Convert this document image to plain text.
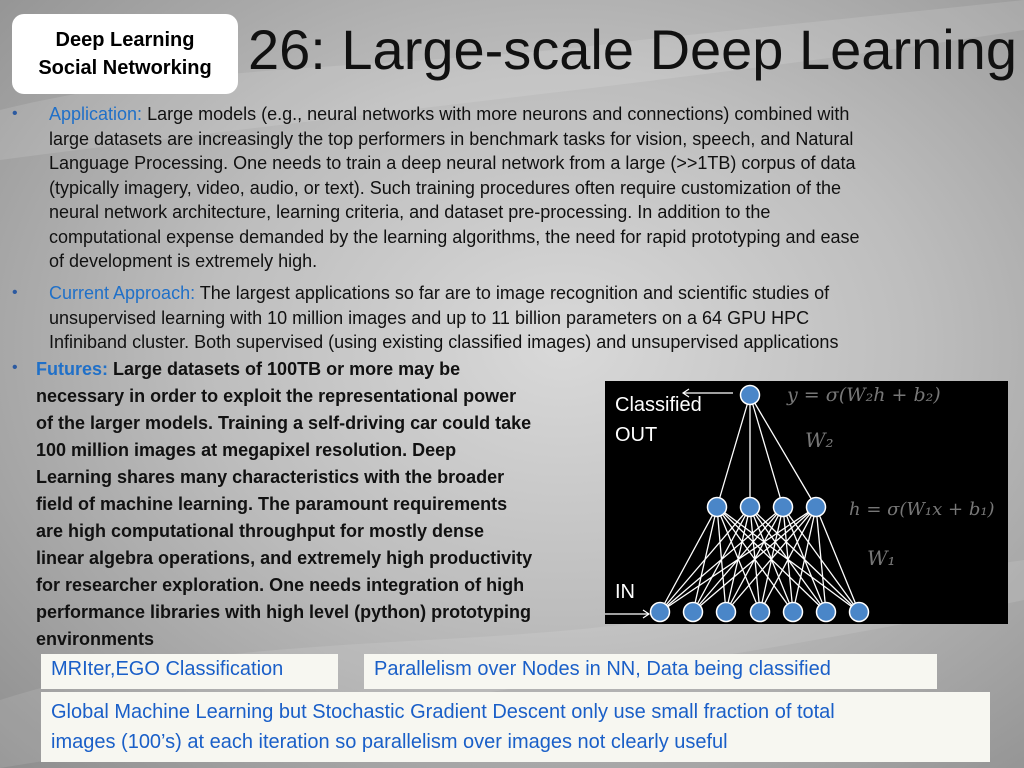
Deep Learning
Social Networking 26: Large-scale Deep Learning
• Application: Large models (e.g., neural networks with more neurons and connections) combined with
large datasets are increasingly the top performers in benchmark tasks for vision, speech, and Natural
Language Processing. One needs to train a deep neural network from a large (>>1TB) corpus of data
(typically imagery, video, audio, or text). Such training procedures often require customization of the
neural network architecture, learning criteria, and dataset pre-processing. In addition to the
computational expense demanded by the learning algorithms, the need for rapid prototyping and ease
of development is extremely high.
• Current Approach: The largest applications so far are to image recognition and scientific studies of
unsupervised learning with 10 million images and up to 11 billion parameters on a 64 GPU HPC
Infiniband cluster. Both supervised (using existing classified images) and unsupervised applications
• Futures: Large datasets of 100TB or more may be
necessary in order to exploit the representational power
of the larger models. Training a self-driving car could take
100 million images at megapixel resolution. Deep
Learning shares many characteristics with the broader
field of machine learning. The paramount requirements
are high computational throughput for mostly dense
linear algebra operations, and extremely high productivity
for researcher exploration. One needs integration of high
performance libraries with high level (python) prototyping
environments
y = σ(W₂h + b₂)
h = σ(W₁x + b₁)
W₂
W₁
Classified
OUT
IN
MRIter,EGO Classification	Parallelism over Nodes in NN, Data being classified
Global Machine Learning but Stochastic Gradient Descent only use small fraction of total
images (100’s) at each iteration so parallelism over images not clearly useful
